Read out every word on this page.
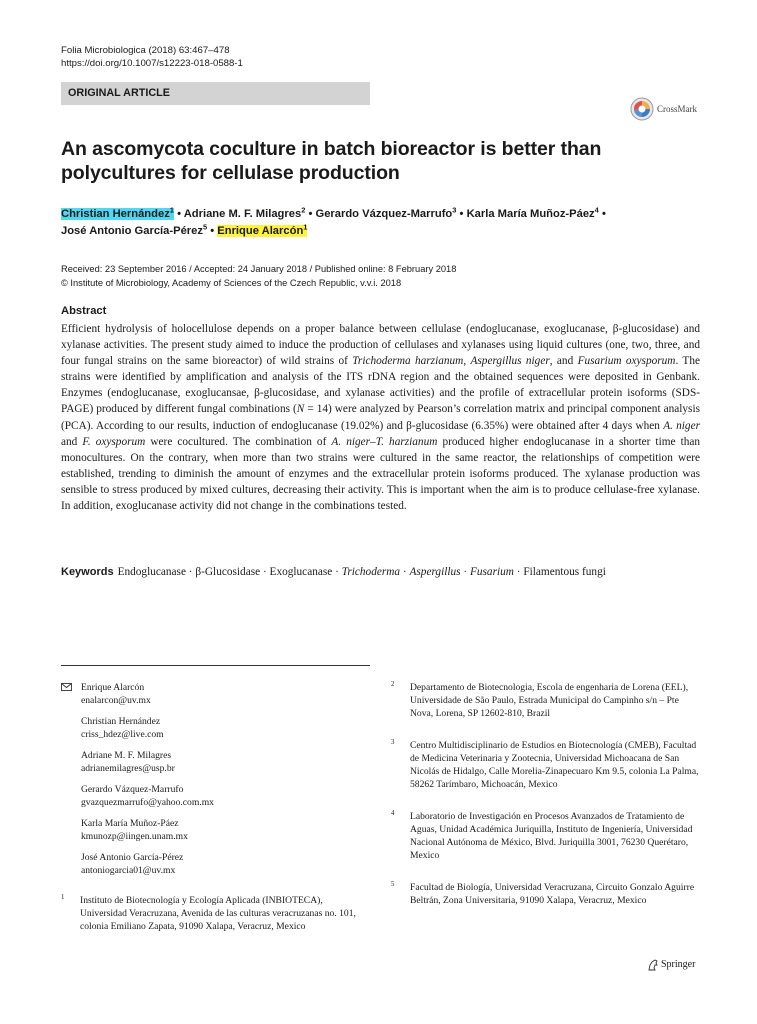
Folia Microbiologica (2018) 63:467–478
https://doi.org/10.1007/s12223-018-0588-1
ORIGINAL ARTICLE
CrossMark
An ascomycota coculture in batch bioreactor is better than polycultures for cellulase production
Christian Hernández$^1$ • Adriane M. F. Milagres$^2$ • Gerardo Vázquez-Marrufo$^3$ • Karla María Muñoz-Páez$^4$ •
José Antonio García-Pérez$^5$ • Enrique Alarcón$^1$
Received: 23 September 2016 / Accepted: 24 January 2018 / Published online: 8 February 2018
© Institute of Microbiology, Academy of Sciences of the Czech Republic, v.v.i. 2018
Abstract

Efficient hydrolysis of holocellulose depends on a proper balance between cellulase (endoglucanase, exoglucanase, β-glucosidase) and xylanase activities. The present study aimed to induce the production of cellulases and xylanases using liquid cultures (one, two, three, and four fungal strains on the same bioreactor) of wild strains of Trichoderma harzianum, Aspergillus niger, and Fusarium oxysporum. The strains were identified by amplification and analysis of the ITS rDNA region and the obtained sequences were deposited in Genbank. Enzymes (endoglucanase, exoglucansae, β-glucosidase, and xylanase activities) and the profile of extracellular protein isoforms (SDS-PAGE) produced by different fungal combinations (N = 14) were analyzed by Pearson’s correlation matrix and principal component analysis (PCA). According to our results, induction of endoglucanase (19.02%) and β-glucosidase (6.35%) were obtained after 4 days when A. niger and F. oxysporum were cocultured. The combination of A. niger–T. harzianum produced higher endoglucanase in a shorter time than monocultures. On the contrary, when more than two strains were cultured in the same reactor, the relationships of competition were established, trending to diminish the amount of enzymes and the extracellular protein isoforms produced. The xylanase production was sensible to stress produced by mixed cultures, decreasing their activity. This is important when the aim is to produce cellulase-free xylanase. In addition, exoglucanase activity did not change in the combinations tested.

Keywords Endoglucanase · β-Glucosidase · Exoglucanase · Trichoderma · Aspergillus · Fusarium · Filamentous fungi
Enrique Alarcón
enalarcon@uv.mx
Christian Hernández
criss_hdez@live.com
Adriane M. F. Milagres
adrianemilagres@usp.br
Gerardo Vázquez-Marrufo
gvazquezmarrufo@yahoo.com.mx
Karla María Muñoz-Páez
kmunozp@iingen.unam.mx
José Antonio García-Pérez
antoniogarcia01@uv.mx
1 Instituto de Biotecnología y Ecología Aplicada (INBIOTECA), Universidad Veracruzana, Avenida de las culturas veracruzanas no. 101, colonia Emiliano Zapata, 91090 Xalapa, Veracruz, Mexico
2 Departamento de Biotecnologia, Escola de engenharia de Lorena (EEL), Universidade de São Paulo, Estrada Municipal do Campinho s/n – Pte Nova, Lorena, SP 12602-810, Brazil
3 Centro Multidisciplinario de Estudios en Biotecnología (CMEB), Facultad de Medicina Veterinaria y Zootecnia, Universidad Michoacana de San Nicolás de Hidalgo, Calle Morelia-Zinapecuaro Km 9.5, colonia La Palma, 58262 Tarímbaro, Michoacán, Mexico
4 Laboratorio de Investigación en Procesos Avanzados de Tratamiento de Aguas, Unidad Académica Juriquilla, Instituto de Ingeniería, Universidad Nacional Autónoma de México, Blvd. Juriquilla 3001, 76230 Querétaro, Mexico
5 Facultad de Biología, Universidad Veracruzana, Circuito Gonzalo Aguirre Beltrán, Zona Universitaria, 91090 Xalapa, Veracruz, Mexico
Springer
